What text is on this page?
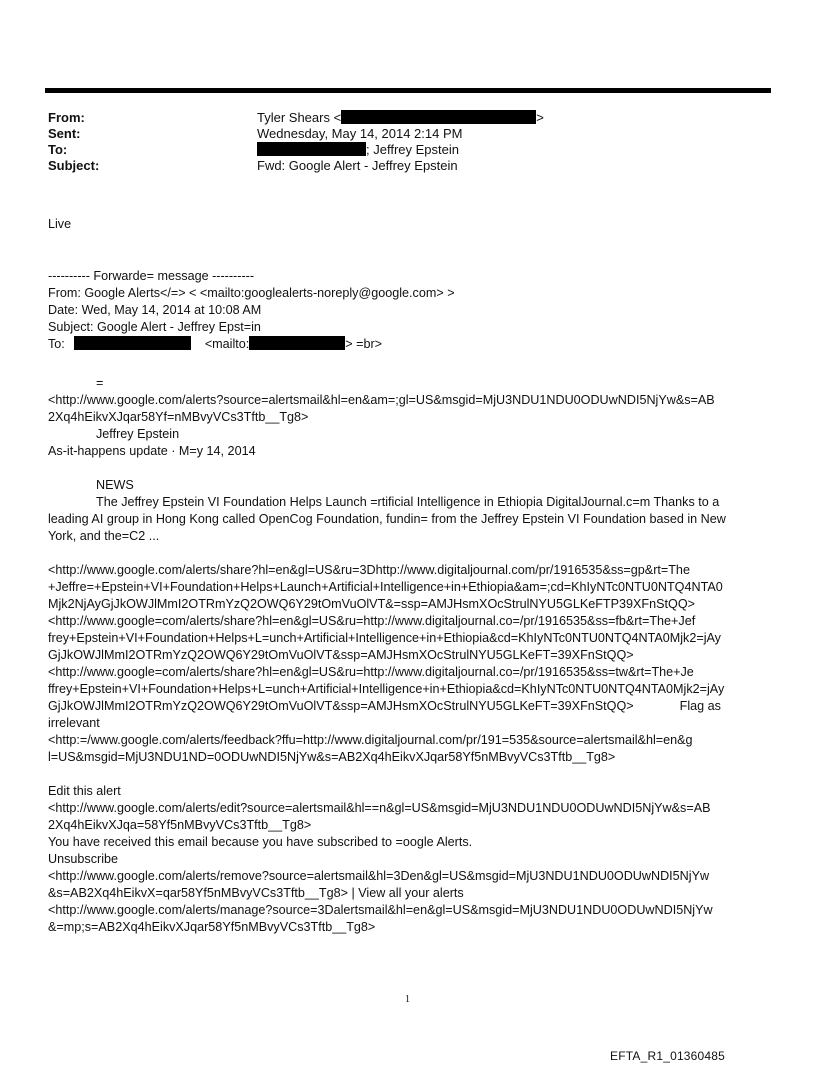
From:	Tyler Shears <	>
Sent:	Wednesday, May 14, 2014 2:14 PM
To:	; Jeffrey Epstein
Subject:	Fwd: Google Alert - Jeffrey Epstein
Live
---------- Forwarde= message ----------
From: Google Alerts</=> < <mailto:googlealerts-noreply@google.com> >
Date: Wed, May 14, 2014 at 10:08 AM
Subject: Google Alert - Jeffrey Epst=in
To:	<mailto:	> =br>
=
<http://www.google.com/alerts?source=alertsmail&hl=en&am=;gl=US&msgid=MjU3NDU1NDU0ODUwNDI5NjYw&s=AB
2Xq4hEikvXJqar58Yf=nMBvyVCs3Tftb__Tg8>
Jeffrey Epstein
As-it-happens update · M=y 14, 2014
NEWS
The Jeffrey Epstein VI Foundation Helps Launch =rtificial Intelligence in Ethiopia DigitalJournal.c=m Thanks to a
leading AI group in Hong Kong called OpenCog Foundation, fundin= from the Jeffrey Epstein VI Foundation based in New
York, and the=C2 ...
<http://www.google.com/alerts/share?hl=en&gl=US&ru=3Dhttp://www.digitaljournal.com/pr/1916535&ss=gp&rt=The
+Jeffre=+Epstein+VI+Foundation+Helps+Launch+Artificial+Intelligence+in+Ethiopia&am=;cd=KhIyNTc0NTU0NTQ4NTA0
Mjk2NjAyGjJkOWJlMmI2OTRmYzQ2OWQ6Y29tOmVuOlVT&=ssp=AMJHsmXOcStrulNYU5GLKeFTP39XFnStQQ>
<http://www.google=com/alerts/share?hl=en&gl=US&ru=http://www.digitaljournal.co=/pr/1916535&ss=fb&rt=The+Jef
frey+Epstein+VI+Foundation+Helps+L=unch+Artificial+Intelligence+in+Ethiopia&cd=KhIyNTc0NTU0NTQ4NTA0Mjk2=jAy
GjJkOWJlMmI2OTRmYzQ2OWQ6Y29tOmVuOlVT&ssp=AMJHsmXOcStrulNYU5GLKeFT=39XFnStQQ>
<http://www.google=com/alerts/share?hl=en&gl=US&ru=http://www.digitaljournal.co=/pr/1916535&ss=tw&rt=The+Je
ffrey+Epstein+VI+Foundation+Helps+L=unch+Artificial+Intelligence+in+Ethiopia&cd=KhIyNTc0NTU0NTQ4NTA0Mjk2=jAy
GjJkOWJlMmI2OTRmYzQ2OWQ6Y29tOmVuOlVT&ssp=AMJHsmXOcStrulNYU5GLKeFT=39XFnStQQ>	Flag as
irrelevant
<http:=/www.google.com/alerts/feedback?ffu=http://www.digitaljournal.com/pr/191=535&source=alertsmail&hl=en&g
l=US&msgid=MjU3NDU1ND=0ODUwNDI5NjYw&s=AB2Xq4hEikvXJqar58Yf5nMBvyVCs3Tftb__Tg8>
Edit this alert
<http://www.google.com/alerts/edit?source=alertsmail&hl==n&gl=US&msgid=MjU3NDU1NDU0ODUwNDI5NjYw&s=AB
2Xq4hEikvXJqa=58Yf5nMBvyVCs3Tftb__Tg8>
You have received this email because you have subscribed to =oogle Alerts.
Unsubscribe
<http://www.google.com/alerts/remove?source=alertsmail&hl=3Den&gl=US&msgid=MjU3NDU1NDU0ODUwNDI5NjYw
&s=AB2Xq4hEikvX=qar58Yf5nMBvyVCs3Tftb__Tg8> | View all your alerts
<http://www.google.com/alerts/manage?source=3Dalertsmail&hl=en&gl=US&msgid=MjU3NDU1NDU0ODUwNDI5NjYw
&=mp;s=AB2Xq4hEikvXJqar58Yf5nMBvyVCs3Tftb__Tg8>
1
EFTA_R1_01360485
